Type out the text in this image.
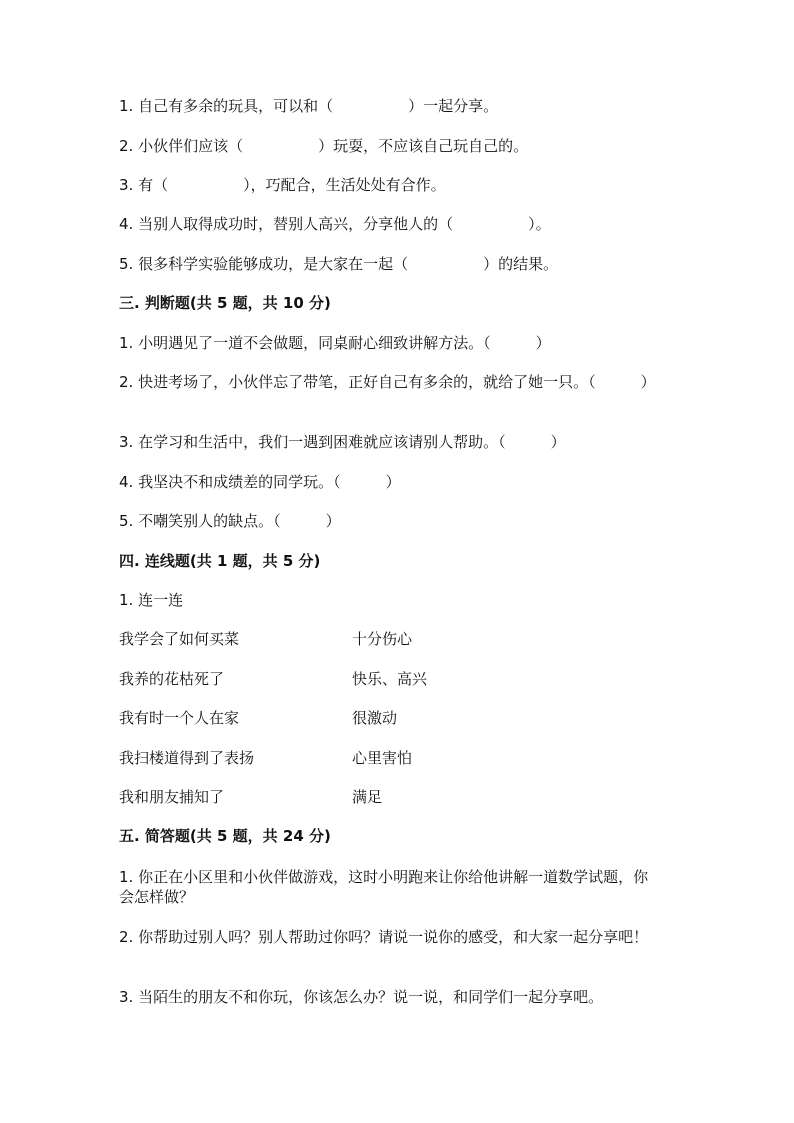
1. 自己有多余的玩具，可以和（　　　　　）一起分享。
2. 小伙伴们应该（　　　　　）玩耍，不应该自己玩自己的。
3. 有（　　　　　），巧配合，生活处处有合作。
4. 当别人取得成功时，替别人高兴，分享他人的（　　　　　）。
5. 很多科学实验能够成功，是大家在一起（　　　　　）的结果。
三. 判断题(共 5 题，共 10 分)
1. 小明遇见了一道不会做题，同桌耐心细致讲解方法。（　　　）
2. 快进考场了，小伙伴忘了带笔，正好自己有多余的，就给了她一只。（　　　）
3. 在学习和生活中，我们一遇到困难就应该请别人帮助。（　　　）
4. 我坚决不和成绩差的同学玩。（　　　）
5. 不嘲笑别人的缺点。（　　　）
四. 连线题(共 1 题，共 5 分)
1. 连一连
我学会了如何买菜	十分伤心
我养的花枯死了	快乐、高兴
我有时一个人在家	很激动
我扫楼道得到了表扬	心里害怕
我和朋友捕知了	满足
五. 简答题(共 5 题，共 24 分)
1. 你正在小区里和小伙伴做游戏，这时小明跑来让你给他讲解一道数学试题，你会怎样做？
2. 你帮助过别人吗？别人帮助过你吗？请说一说你的感受，和大家一起分享吧！
3. 当陌生的朋友不和你玩，你该怎么办？说一说，和同学们一起分享吧。
